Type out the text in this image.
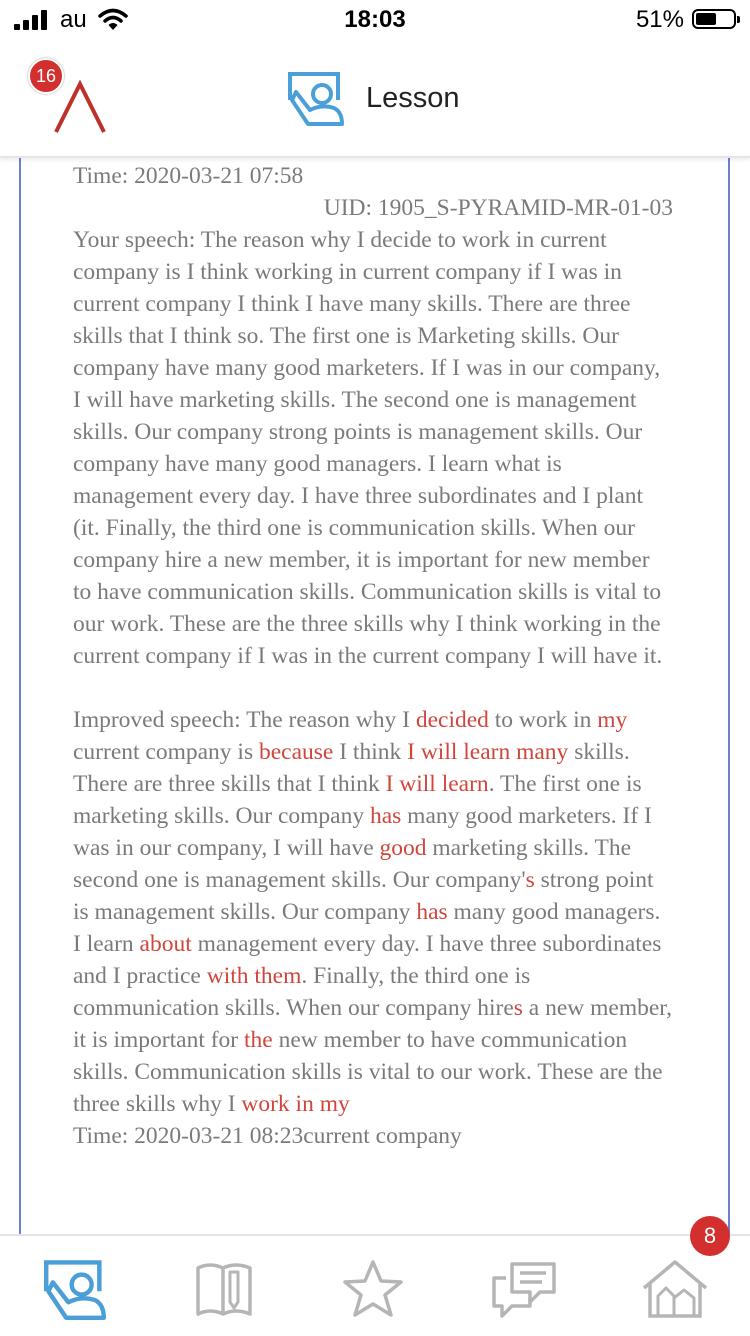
au	18:03	51%
16
Lesson

Time: 2020-03-21 07:58

UID: 1905_S-PYRAMID-MR-01-03

Your speech: The reason why I decide to work in current company is I think working in current company if I was in current company I think I have many skills. There are three skills that I think so. The first one is Marketing skills. Our company have many good marketers. If I was in our company, I will have marketing skills. The second one is management skills. Our company strong points is management skills. Our company have many good managers. I learn what is management every day. I have three subordinates and I plant (it. Finally, the third one is communication skills. When our company hire a new member, it is important for new member to have communication skills. Communication skills is vital to our work. These are the three skills why I think working in the current company if I was in the current company I will have it.

Improved speech: The reason why I decided to work in my current company is because I think I will learn many skills. There are three skills that I think I will learn. The first one is marketing skills. Our company has many good marketers. If I was in our company, I will have good marketing skills. The second one is management skills. Our company's strong point is management skills. Our company has many good managers. I learn about management every day. I have three subordinates and I practice with them. Finally, the third one is communication skills. When our company hires a new member, it is important for the new member to have communication skills. Communication skills is vital to our work. These are the three skills why I work in my

Time: 2020-03-21 08:23current company

8
